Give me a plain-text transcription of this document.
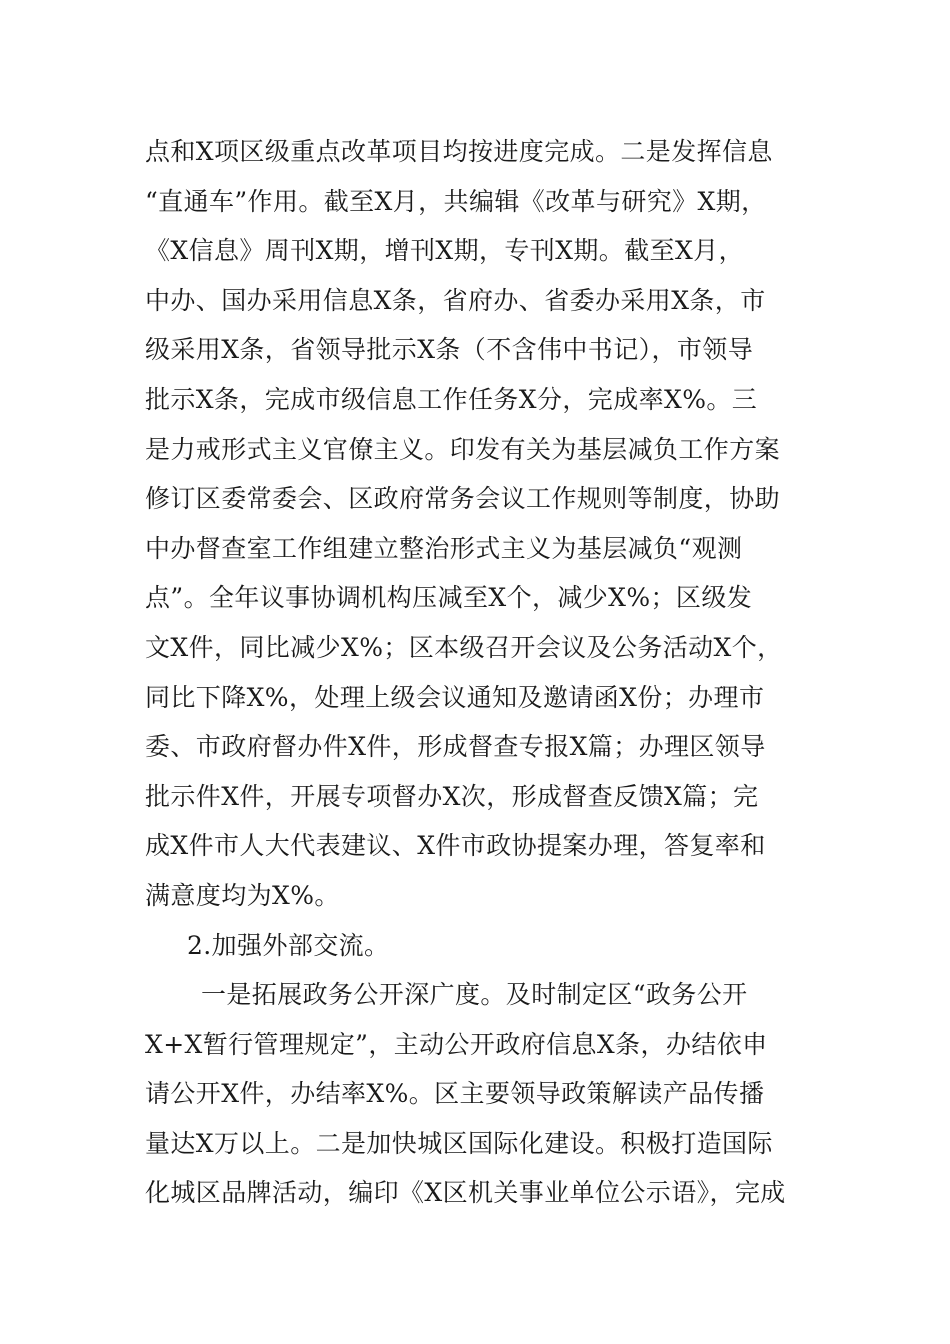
点和X项区级重点改革项目均按进度完成。二是发挥信息
“直通车”作用。截至X月，共编辑《改革与研究》X期，
《X信息》周刊X期，增刊X期，专刊X期。截至X月，
中办、国办采用信息X条，省府办、省委办采用X条，市
级采用X条，省领导批示X条（不含伟中书记），市领导
批示X条，完成市级信息工作任务X分，完成率X%。三
是力戒形式主义官僚主义。印发有关为基层减负工作方案
修订区委常委会、区政府常务会议工作规则等制度，协助
中办督查室工作组建立整治形式主义为基层减负“观测
点”。全年议事协调机构压减至X个，减少X%；区级发
文X件，同比减少X%；区本级召开会议及公务活动X个，
同比下降X%，处理上级会议通知及邀请函X份；办理市
委、市政府督办件X件，形成督查专报X篇；办理区领导
批示件X件，开展专项督办X次，形成督查反馈X篇；完
成X件市人大代表建议、X件市政协提案办理，答复率和
满意度均为X%。
2.加强外部交流。
一是拓展政务公开深广度。及时制定区“政务公开
X+X暂行管理规定”，主动公开政府信息X条，办结依申
请公开X件，办结率X%。区主要领导政策解读产品传播
量达X万以上。二是加快城区国际化建设。积极打造国际
化城区品牌活动，编印《X区机关事业单位公示语》，完成
